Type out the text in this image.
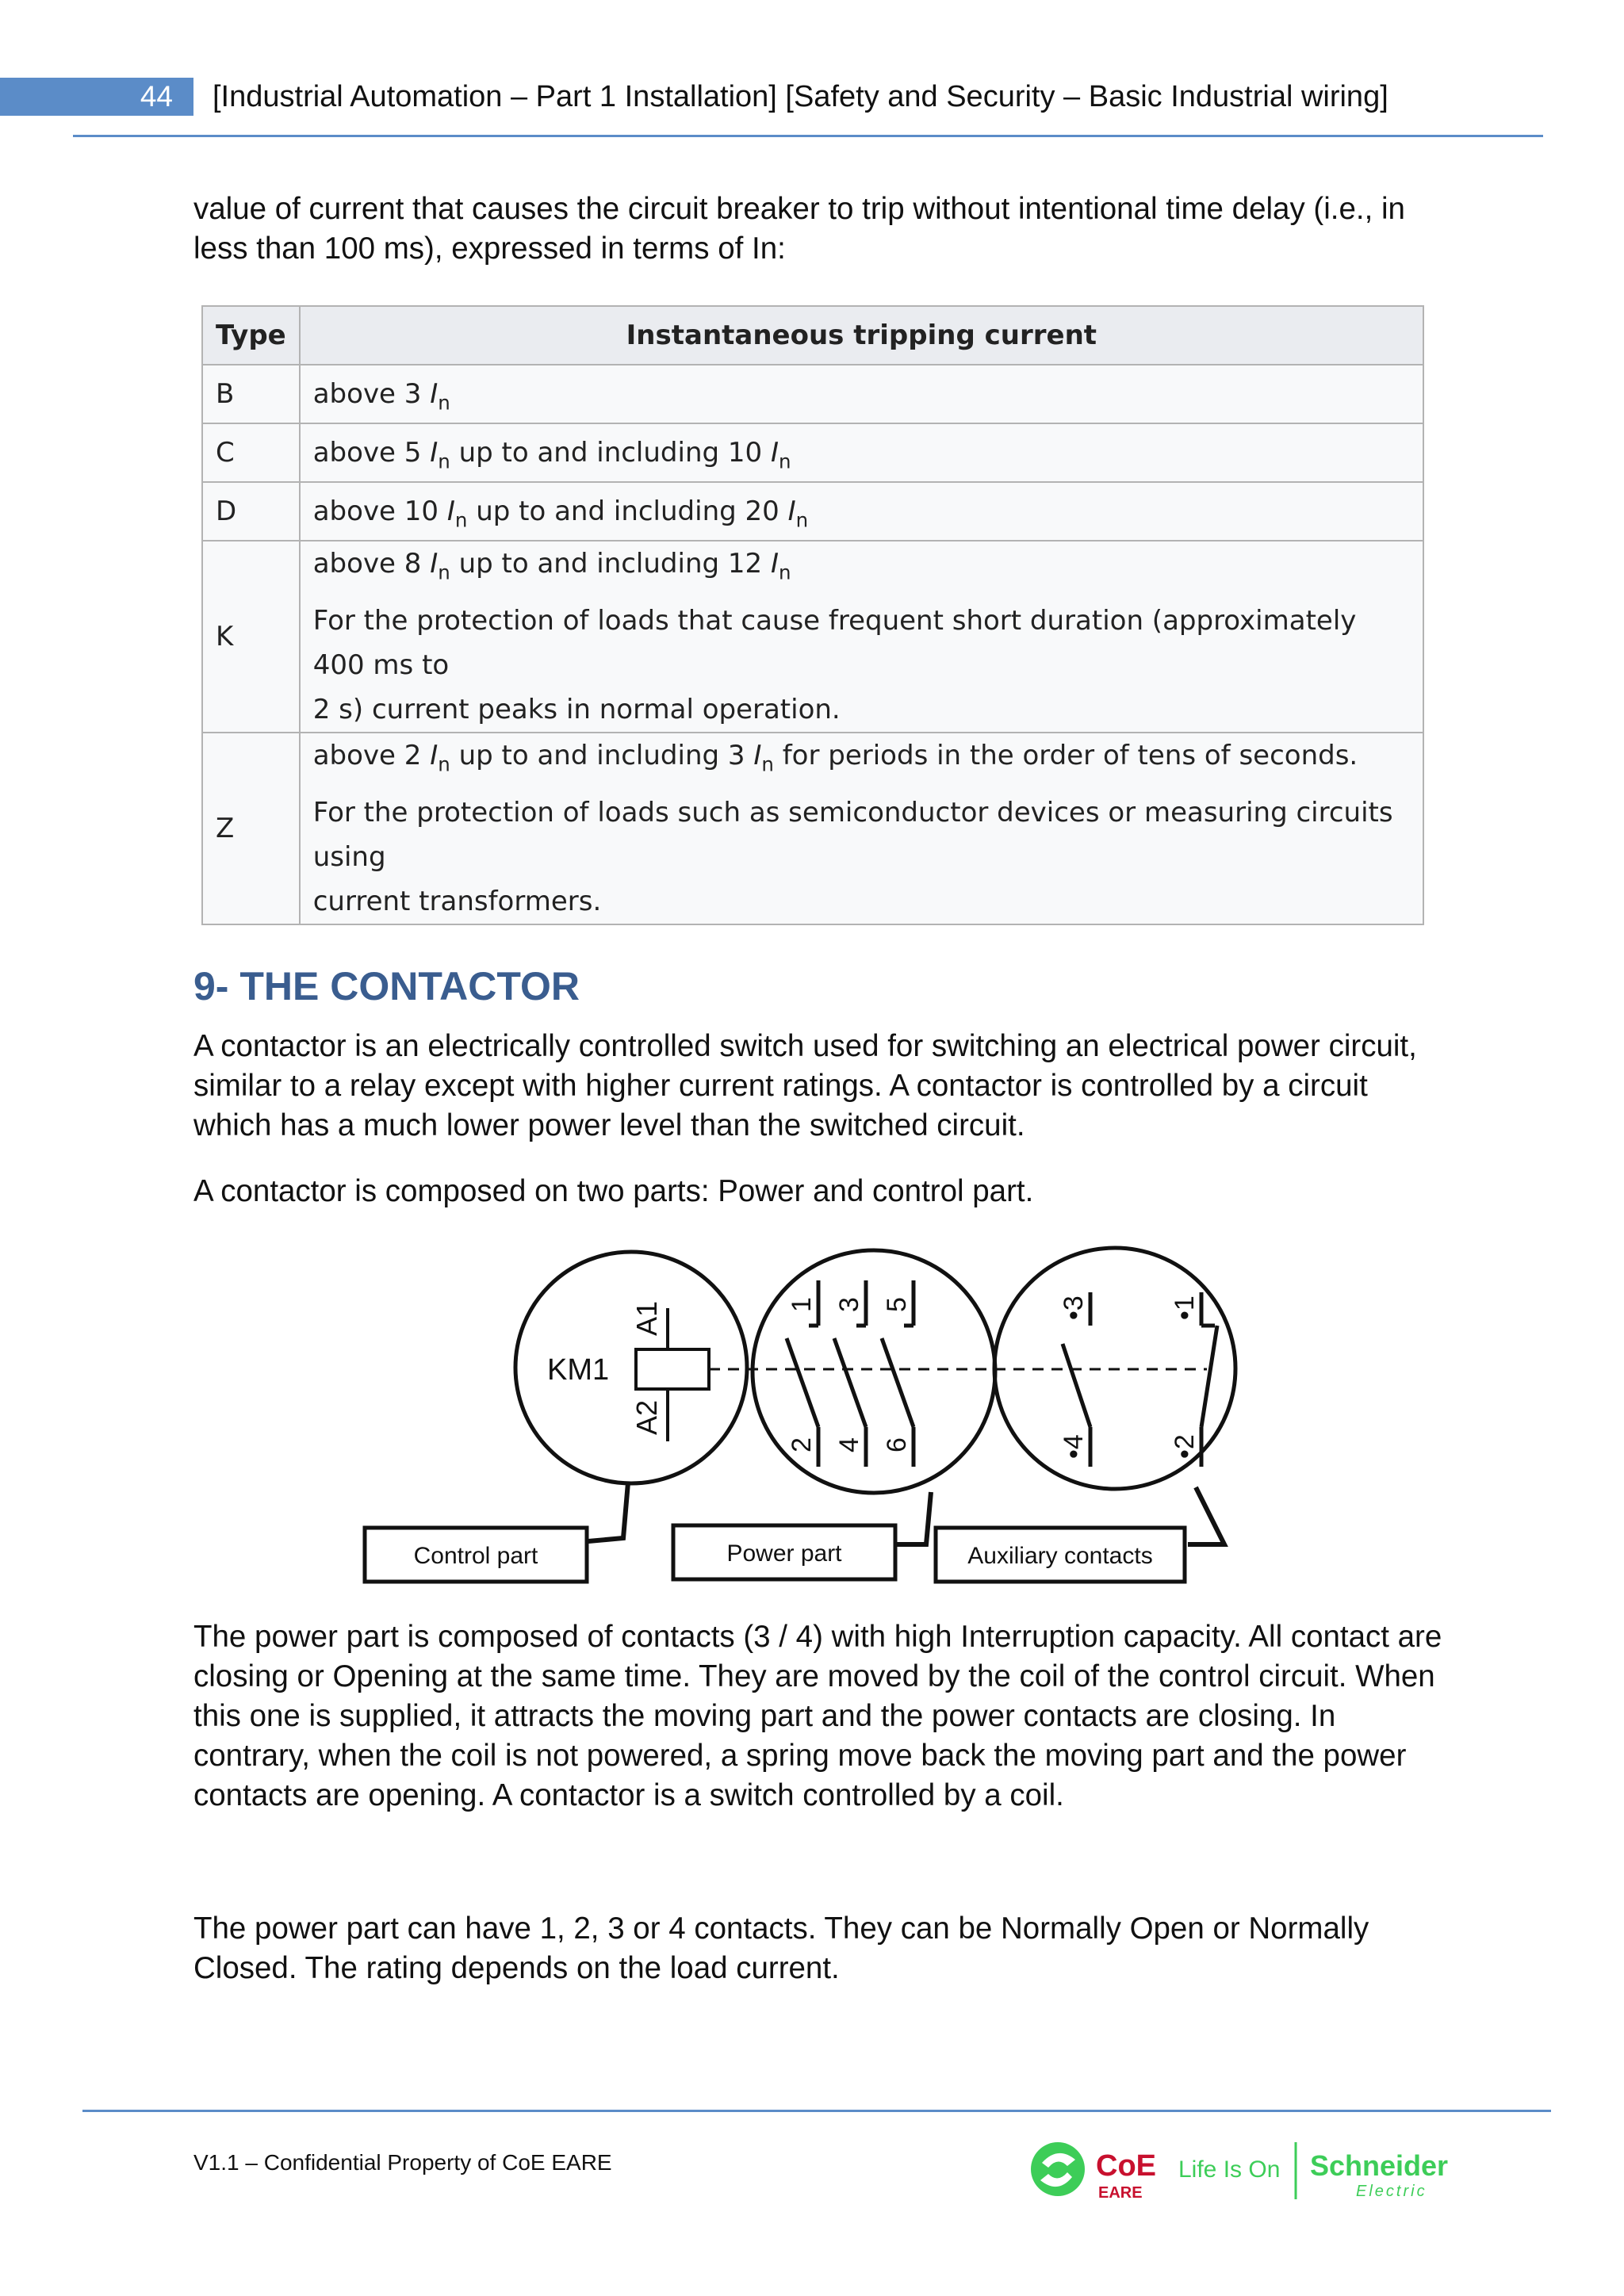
44	[Industrial Automation – Part 1 Installation] [Safety and Security – Basic Industrial wiring]

value of current that causes the circuit breaker to trip without intentional time delay (i.e., in
less than 100 ms), expressed in terms of In:

Type	Instantaneous tripping current
B	above 3 $I_n$
C	above 5 $I_n$ up to and including 10 $I_n$
D	above 10 $I_n$ up to and including 20 $I_n$
K	above 8 $I_n$ up to and including 12 $I_n$
For the protection of loads that cause frequent short duration (approximately 400 ms to
2 s) current peaks in normal operation.

Z	above 2 $I_n$ up to and including 3 $I_n$ for periods in the order of tens of seconds.
For the protection of loads such as semiconductor devices or measuring circuits using
current transformers.
9- THE CONTACTOR

A contactor is an electrically controlled switch used for switching an electrical power circuit,
similar to a relay except with higher current ratings. A contactor is controlled by a circuit
which has a much lower power level than the switched circuit.

A contactor is composed on two parts: Power and control part.

KM1
A1
A2
1 3 5
2 4 6
•3	•1
•4	•2
Control part	Power part	Auxiliary contacts

The power part is composed of contacts (3 / 4) with high Interruption capacity. All contact are
closing or Opening at the same time. They are moved by the coil of the control circuit. When
this one is supplied, it attracts the moving part and the power contacts are closing. In
contrary, when the coil is not powered, a spring move back the moving part and the power
contacts are opening. A contactor is a switch controlled by a coil.

The power part can have 1, 2, 3 or 4 contacts. They can be Normally Open or Normally
Closed. The rating depends on the load current.

V1.1 – Confidential Property of CoE EARE	CoE
EARE
Life Is On Schneider
Electric
